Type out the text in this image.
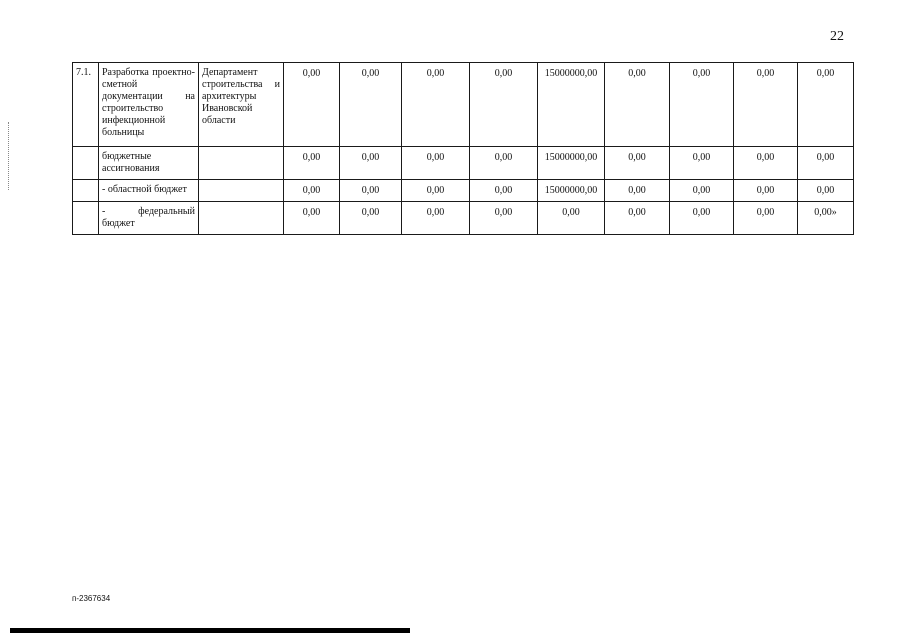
22
7.1.	Разработка проектно-сметной документации на строительство инфекционной больницы	Департамент строительства и архитектуры Ивановской области	0,00	0,00	0,00	0,00	15000000,00	0,00	0,00	0,00	0,00
	бюджетные ассигнования		0,00	0,00	0,00	0,00	15000000,00	0,00	0,00	0,00	0,00
	- областной бюджет		0,00	0,00	0,00	0,00	15000000,00	0,00	0,00	0,00	0,00
	- федеральный бюджет		0,00	0,00	0,00	0,00	0,00	0,00	0,00	0,00	0,00»
п-2367634
